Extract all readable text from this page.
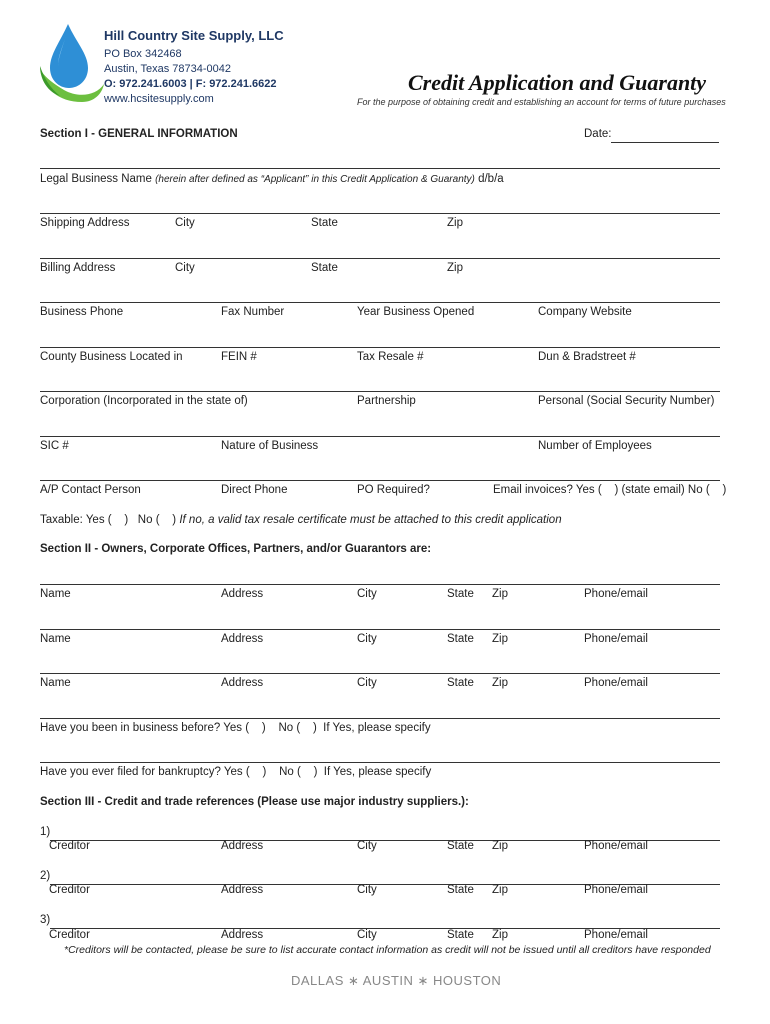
Hill Country Site Supply, LLC
PO Box 342468
Austin, Texas 78734-0042
O: 972.241.6003 | F: 972.241.6622
www.hcsitesupply.com
Credit Application and Guaranty
For the purpose of obtaining credit and establishing an account for terms of future purchases
Section I - GENERAL INFORMATION	Date:
Legal Business Name (herein after defined as “Applicant” in this Credit Application & Guaranty) d/b/a
Shipping Address	City	State	Zip
Billing Address	City	State	Zip
Business Phone	Fax Number	Year Business Opened	Company Website
County Business Located in	FEIN #	Tax Resale #	Dun & Bradstreet #
Corporation (Incorporated in the state of)	Partnership	Personal (Social Security Number)
SIC #	Nature of Business	Number of Employees
A/P Contact Person	Direct Phone	PO Required?	Email invoices? Yes (    ) (state email) No (    )
Taxable: Yes (    )   No (    ) If no, a valid tax resale certificate must be attached to this credit application
Section II - Owners, Corporate Offices, Partners, and/or Guarantors are:
Name	Address	City	State Zip	Phone/email
Name	Address	City	State Zip	Phone/email
Name	Address	City	State Zip	Phone/email
Have you been in business before? Yes (    )    No (    )  If Yes, please specify
Have you ever filed for bankruptcy? Yes (    )    No (    )  If Yes, please specify
Section III - Credit and trade references (Please use major industry suppliers.):
1)
Creditor	Address	City	State Zip	Phone/email
2)
Creditor	Address	City	State Zip	Phone/email
3)
Creditor	Address	City	State Zip	Phone/email
*Creditors will be contacted, please be sure to list accurate contact information as credit will not be issued until all creditors have responded
DALLAS ∗ AUSTIN ∗ HOUSTON
